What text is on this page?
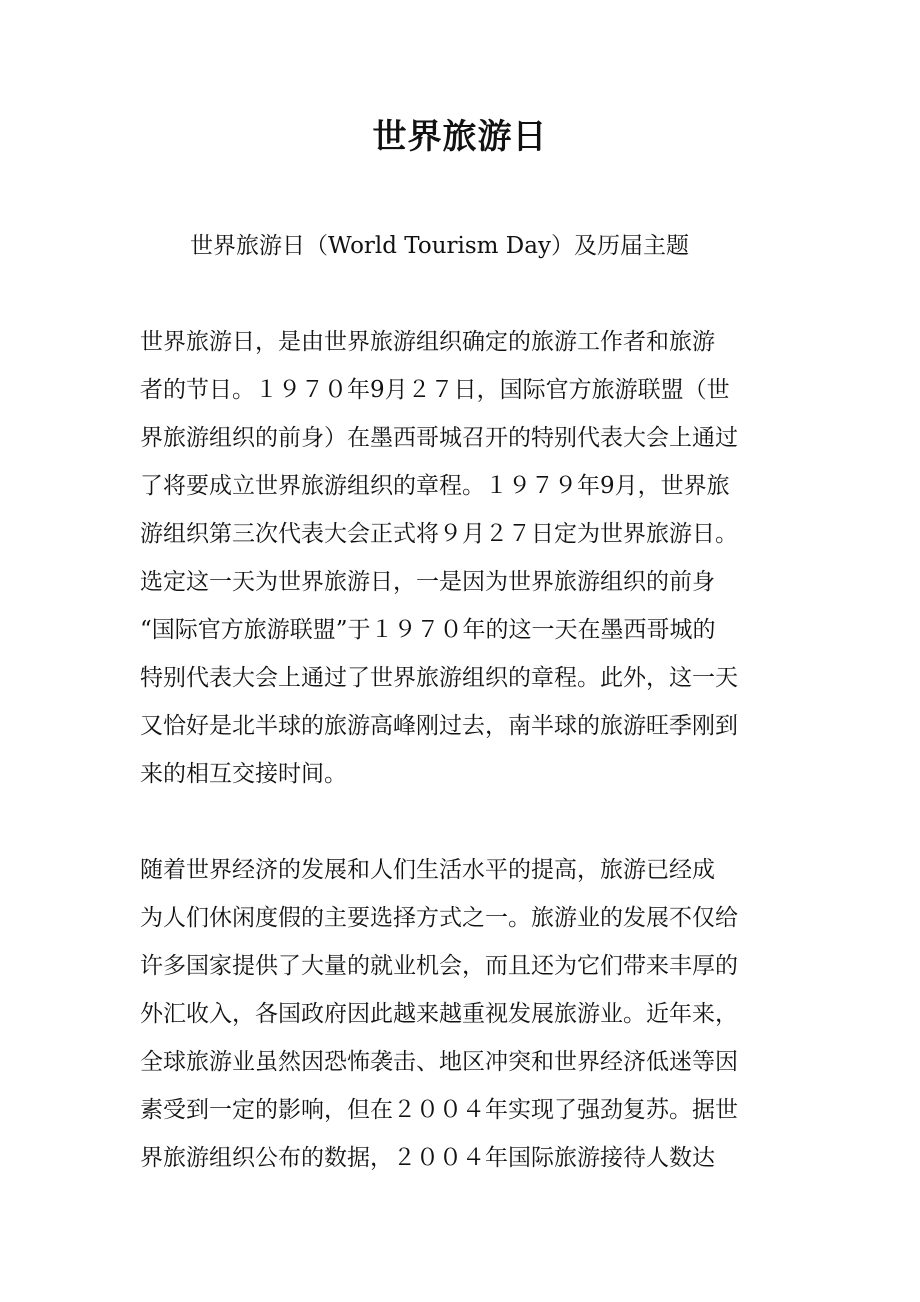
世界旅游日
世界旅游日（World Tourism Day）及历届主题
世界旅游日，是由世界旅游组织确定的旅游工作者和旅游
者的节日。１９７０年9月２７日，国际官方旅游联盟（世
界旅游组织的前身）在墨西哥城召开的特别代表大会上通过
了将要成立世界旅游组织的章程。１９７９年9月，世界旅
游组织第三次代表大会正式将９月２７日定为世界旅游日。
选定这一天为世界旅游日，一是因为世界旅游组织的前身
“国际官方旅游联盟”于１９７０年的这一天在墨西哥城的
特别代表大会上通过了世界旅游组织的章程。此外，这一天
又恰好是北半球的旅游高峰刚过去，南半球的旅游旺季刚到
来的相互交接时间。
随着世界经济的发展和人们生活水平的提高，旅游已经成
为人们休闲度假的主要选择方式之一。旅游业的发展不仅给
许多国家提供了大量的就业机会，而且还为它们带来丰厚的
外汇收入，各国政府因此越来越重视发展旅游业。近年来，
全球旅游业虽然因恐怖袭击、地区冲突和世界经济低迷等因
素受到一定的影响，但在２００４年实现了强劲复苏。据世
界旅游组织公布的数据，２００４年国际旅游接待人数达
